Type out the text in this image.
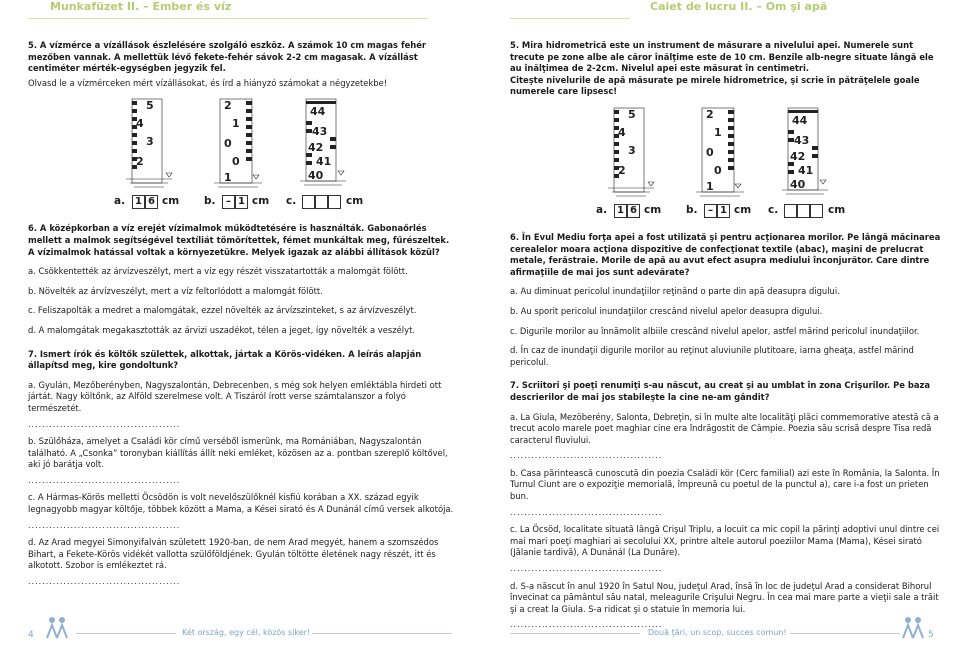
Munkafüzet II. – Ember és víz	Caiet de lucru II. – Om şi apă

5. A vízmérce a vízállások észlelésére szolgáló eszköz. A számok 10 cm magas fehér mezőben vannak. A mellettük lévő fekete-fehér sávok 2-2 cm magasak. A vízállást centiméter mérték-egységben jegyzik fel.

Olvasd le a vízmérceken mért vízállásokat, és írd a hiányzó számokat a négyzetekbe!

5
4
3
2
2
1
0
0
1
44
43
42
41
40
a. 1 6 cm b.	– 1 cm c.	cm

6. A középkorban a víz erejét vízimalmok működtetésére is használták. Gabonaőrlés mellett a malmok segítségével textíliát tömörítettek, fémet munkáltak meg, fűrészeltek. A vízimalmok hatással voltak a környezetükre. Melyek igazak az alábbi állítások közül?

a. Csökkentették az árvízveszélyt, mert a víz egy részét visszatartották a malomgát fölött.

b. Növelték az árvízveszélyt, mert a víz feltorlódott a malomgát fölött.

c. Feliszapolták a medret a malomgátak, ezzel növelték az árvízszinteket, s az árvízveszélyt.

d. A malomgátak megakasztották az árvizi uszadékot, télen a jeget, így növelték a veszélyt.

7. Ismert írók és költők születtek, alkottak, jártak a Körös-vidéken. A leírás alapján állapítsd meg, kire gondoltunk?

a. Gyulán, Mezőberényben, Nagyszalontán, Debrecenben, s még sok helyen emléktábla hirdeti ott jártát. Nagy költőnk, az Alföld szerelmese volt. A Tiszáról írott verse számtalanszor a folyó természetét.

...........................................

b. Szülőháza, amelyet a Családi kör című verséből ismerünk, ma Romániában, Nagyszalontán található. A „Csonka” toronyban kiállítás állít neki emléket, közösen az a. pontban szereplő költővel, aki jó barátja volt.

...........................................

c. A Hármas-Körös melletti Öcsödön is volt nevelőszülőknél kisfiú korában a XX. század egyik legnagyobb magyar költője, többek között a Mama, a Kései sirató és A Dunánál című versek alkotója.

...........................................

d. Az Arad megyei Simonyifalván született 1920-ban, de nem Arad megyét, hanem a szomszédos Bihart, a Fekete-Körös vidékét vallotta szülőföldjének. Gyulán töltötte életének nagy részét, itt és alkotott. Szobor is emlékeztet rá.

...........................................

5. Mira hidrometrică este un instrument de măsurare a nivelului apei. Numerele sunt trecute pe zone albe ale căror înălţime este de 10 cm. Benzile alb-negre situate lângă ele au înălţimea de 2-2cm. Nivelul apei este măsurat în centimetri.

Citeşte nivelurile de apă măsurate pe mirele hidrometrice, şi scrie în pătrăţelele goale numerele care lipsesc!

5
4
3
2
2
1
0
0
1
44
43
42
41
40
a. 1 6 cm b.	– 1 cm c.	cm

6. În Evul Mediu forţa apei a fost utilizată şi pentru acţionarea morilor. Pe lângă măcinarea cerealelor moara acţiona dispozitive de confecţionat textile (abac), maşini de prelucrat metale, ferăstraie. Morile de apă au avut efect asupra mediului înconjurător. Care dintre afirmaţiile de mai jos sunt adevărate?

a. Au diminuat pericolul inundaţiilor reţinând o parte din apă deasupra digului.

b. Au sporit pericolul inundaţiilor crescând nivelul apelor deasupra digului.

c. Digurile morilor au înnămolit albiile crescând nivelul apelor, astfel mărind pericolul inundaţiilor.

d. În caz de inundaţii digurile morilor au reţinut aluviunile plutitoare, iarna gheaţa, astfel mărind pericolul.

7. Scriitori şi poeţi renumiţi s-au născut, au creat şi au umblat în zona Crişurilor. Pe baza descrierilor de mai jos stabileşte la cine ne-am gândit?

a. La Giula, Mezöberény, Salonta, Debreţin, si în multe alte localităţi plăci commemorative atestă că a trecut acolo marele poet maghiar cine era îndrăgostit de Câmpie. Poezia său scrisă despre Tisa redă caracterul fluviului.

...........................................

b. Casa părintească cunoscută din poezia Családi kör (Cerc familial) azi este în România, la Salonta. În Turnul Ciunt are o expoziţie memorială, împreună cu poetul de la punctul a), care i-a fost un prieten bun.

...........................................

c. La Öcsöd, localitate situată lângă Crişul Triplu, a locuit ca mic copil la părinţi adoptivi unul dintre cei mai mari poeţi maghiari ai secolului XX, printre altele autorul poeziilor Mama (Mama), Kései sirató (Jălanie tardivă), A Dunánál (La Dunăre).

...........................................

d. S-a născut în anul 1920 în Satul Nou, judeţul Arad, însă în loc de judeţul Arad a considerat Bihorul învecinat ca pământul său natal, meleagurile Crişului Negru. În cea mai mare parte a vieţii sale a trăit şi a creat la Giula. S-a ridicat şi o statuie în memoria lui.

...........................................
4	Két ország, egy cél, közös siker!	Două ţări, un scop, succes comun!	5
